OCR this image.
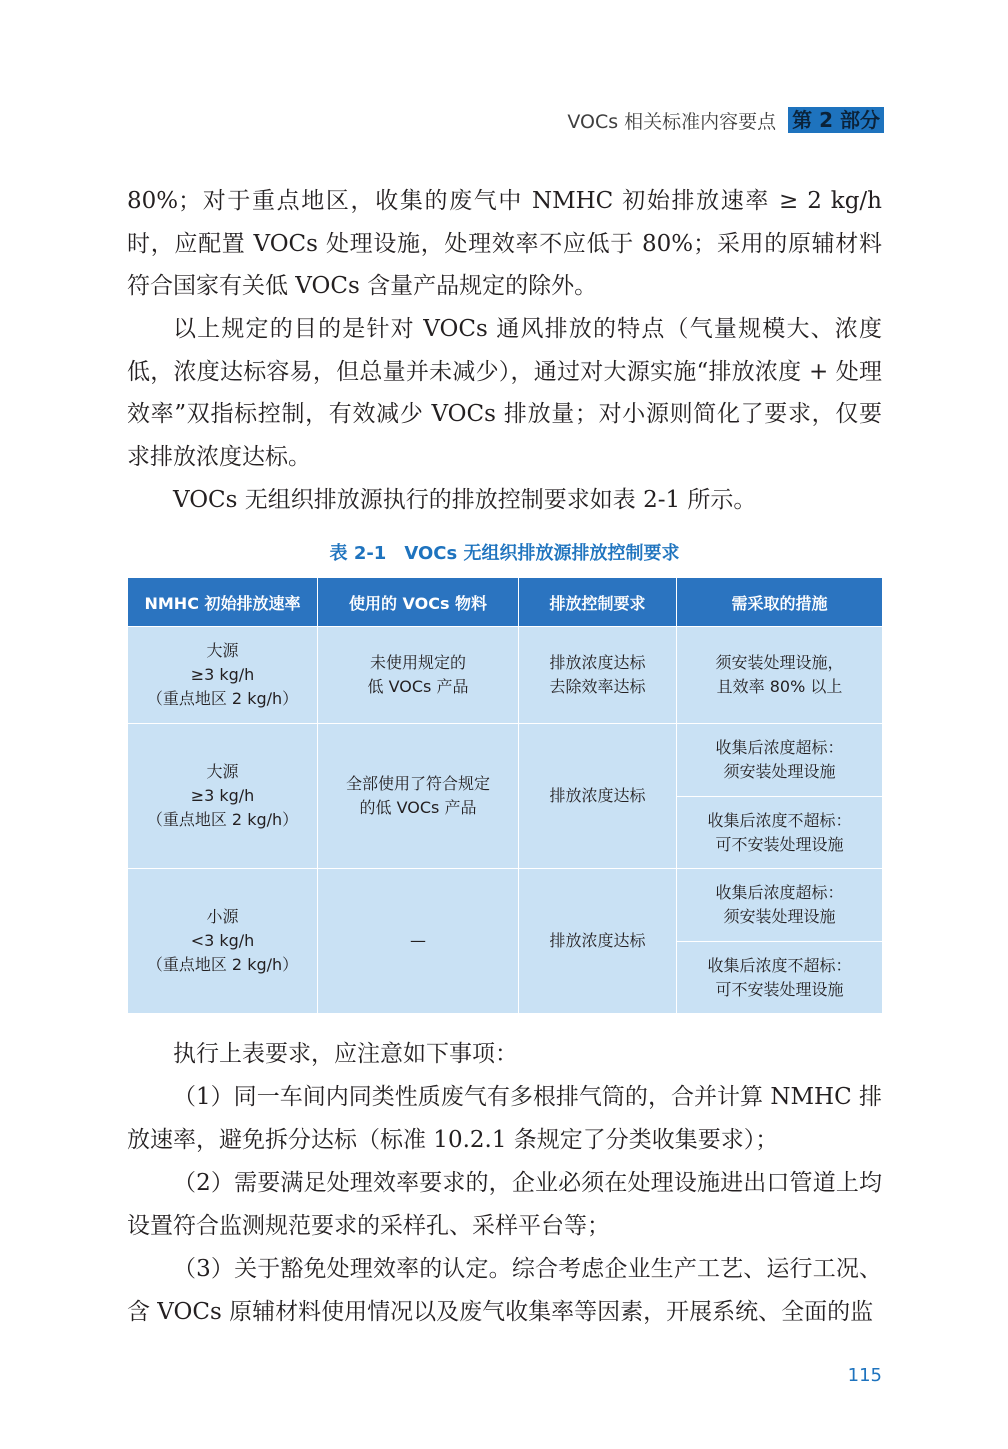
VOCs 相关标准内容要点 第 2 部分

80%；对于重点地区，收集的废气中 NMHC 初始排放速率 ≥ 2 kg/h 时，应配置 VOCs 处理设施，处理效率不应低于 80%；采用的原辅材料符合国家有关低 VOCs 含量产品规定的除外。

以上规定的目的是针对 VOCs 通风排放的特点（气量规模大、浓度低，浓度达标容易，但总量并未减少），通过对大源实施“排放浓度 + 处理效率”双指标控制，有效减少 VOCs 排放量；对小源则简化了要求，仅要求排放浓度达标。

VOCs 无组织排放源执行的排放控制要求如表 2-1 所示。

表 2-1　VOCs 无组织排放源排放控制要求
NMHC 初始排放速率	使用的 VOCs 物料	排放控制要求	需采取的措施

大源
≥3 kg/h
（重点地区 2 kg/h）	未使用规定的
低 VOCs 产品	排放浓度达标
去除效率达标	须安装处理设施，
且效率 80% 以上

大源
≥3 kg/h
（重点地区 2 kg/h）	全部使用了符合规定
的低 VOCs 产品	排放浓度达标	收集后浓度超标：
须安装处理设施

			收集后浓度不超标：
可不安装处理设施

小源
<3 kg/h
（重点地区 2 kg/h）	—	排放浓度达标	收集后浓度超标：
须安装处理设施

			收集后浓度不超标：
可不安装处理设施

执行上表要求，应注意如下事项：

（1）同一车间内同类性质废气有多根排气筒的，合并计算 NMHC 排放速率，避免拆分达标（标准 10.2.1 条规定了分类收集要求）；

（2）需要满足处理效率要求的，企业必须在处理设施进出口管道上均设置符合监测规范要求的采样孔、采样平台等；

（3）关于豁免处理效率的认定。综合考虑企业生产工艺、运行工况、含 VOCs 原辅材料使用情况以及废气收集率等因素，开展系统、全面的监

115
